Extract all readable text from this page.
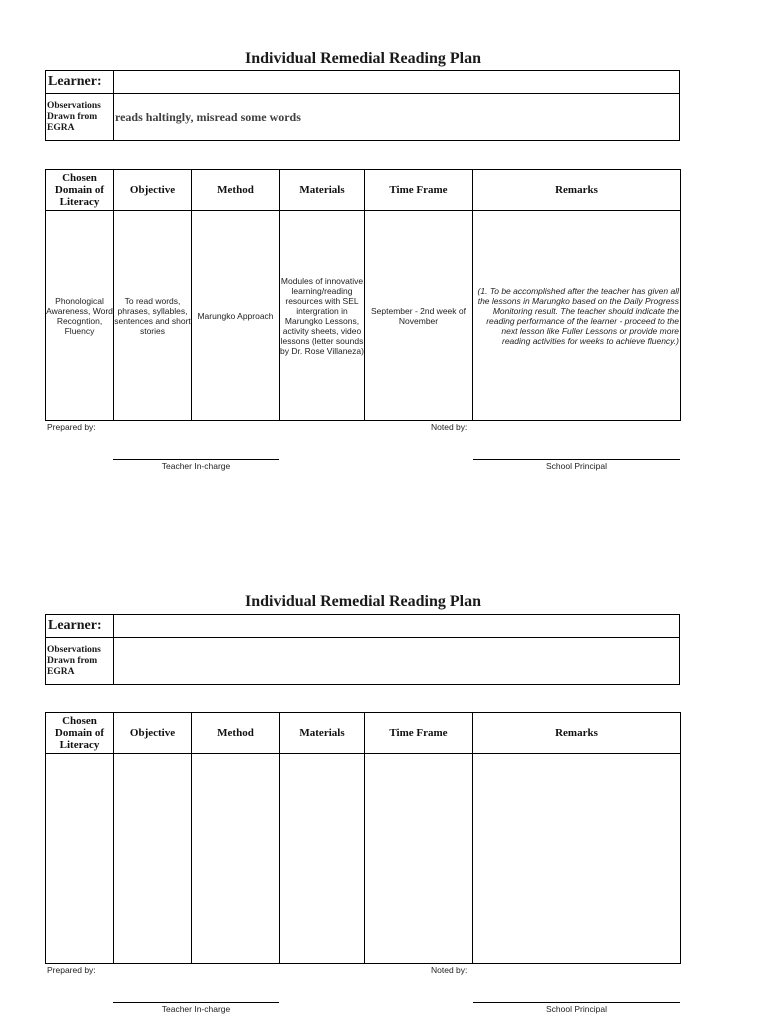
Individual Remedial Reading Plan
Learner:	
Observations Drawn from EGRA	reads haltingly, misread some words
Chosen Domain of Literacy	Objective	Method	Materials	Time Frame	Remarks
Phonological Awareness, Word Recogntion, Fluency	To read words, phrases, syllables, sentences and short stories	Marungko Approach	Modules of innovative learning/reading resources with SEL intergration in Marungko Lessons, activity sheets, video lessons (letter sounds by Dr. Rose Villaneza)	September - 2nd week of November	(1. To be accomplished after the teacher has given all the lessons in Marungko based on the Daily Progress Monitoring result. The teacher should indicate the reading performance of the learner - proceed to the next lesson like Fuller Lessons or provide more reading activities for weeks to achieve fluency.)
Prepared by:	Noted by:
Teacher In-charge	School Principal
Individual Remedial Reading Plan
Learner:	
Observations Drawn from EGRA	
Chosen Domain of Literacy	Objective	Method	Materials	Time Frame	Remarks

Prepared by:	Noted by:
Teacher In-charge	School Principal
